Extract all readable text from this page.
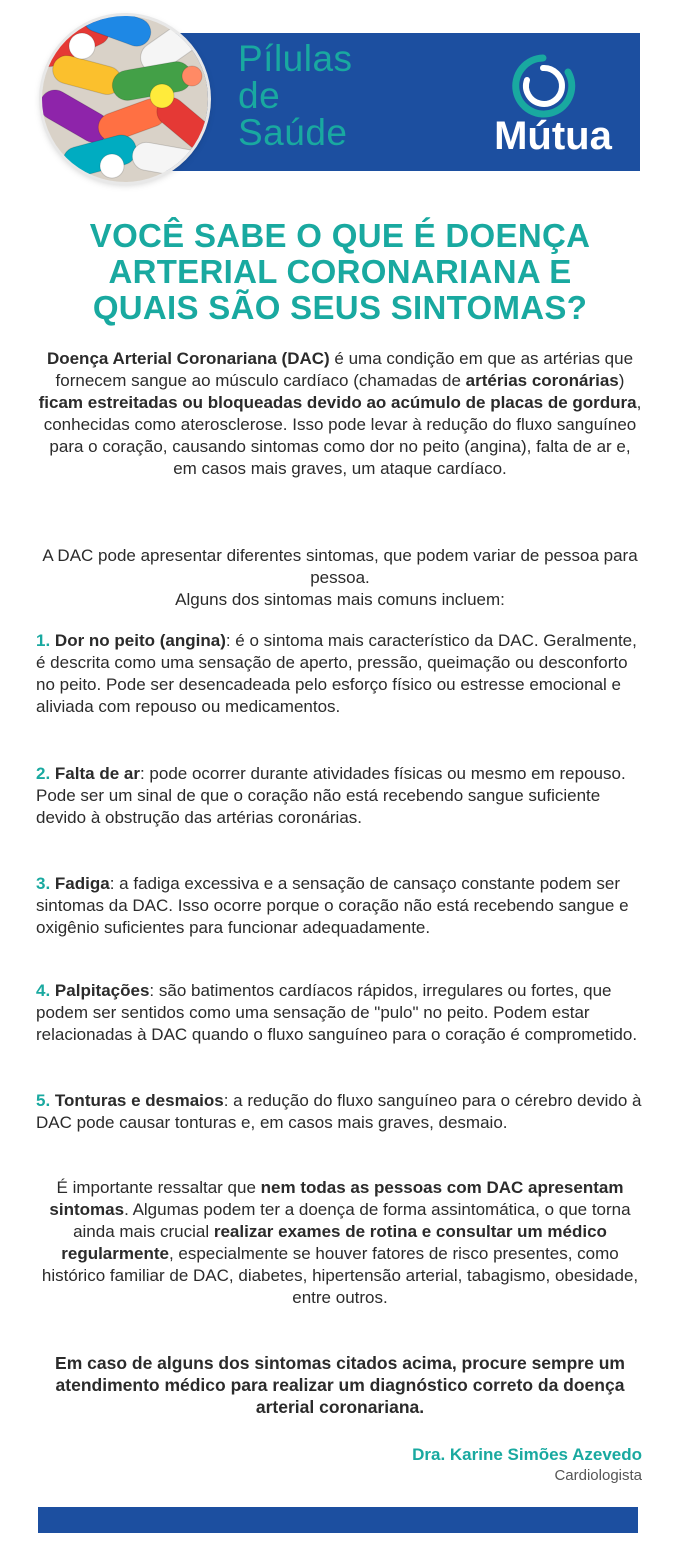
Pílulas
de
Saúde	Mútua
VOCÊ SABE O QUE É DOENÇA
ARTERIAL CORONARIANA E
QUAIS SÃO SEUS SINTOMAS?
Doença Arterial Coronariana (DAC) é uma condição em que as artérias que fornecem sangue ao músculo cardíaco (chamadas de artérias coronárias) ficam estreitadas ou bloqueadas devido ao acúmulo de placas de gordura, conhecidas como aterosclerose. Isso pode levar à redução do fluxo sanguíneo para o coração, causando sintomas como dor no peito (angina), falta de ar e, em casos mais graves, um ataque cardíaco.
A DAC pode apresentar diferentes sintomas, que podem variar de pessoa para pessoa.
Alguns dos sintomas mais comuns incluem:
1. Dor no peito (angina): é o sintoma mais característico da DAC. Geralmente, é descrita como uma sensação de aperto, pressão, queimação ou desconforto no peito. Pode ser desencadeada pelo esforço físico ou estresse emocional e aliviada com repouso ou medicamentos.
2. Falta de ar: pode ocorrer durante atividades físicas ou mesmo em repouso. Pode ser um sinal de que o coração não está recebendo sangue suficiente devido à obstrução das artérias coronárias.
3. Fadiga: a fadiga excessiva e a sensação de cansaço constante podem ser sintomas da DAC. Isso ocorre porque o coração não está recebendo sangue e oxigênio suficientes para funcionar adequadamente.
4. Palpitações: são batimentos cardíacos rápidos, irregulares ou fortes, que podem ser sentidos como uma sensação de "pulo" no peito. Podem estar relacionadas à DAC quando o fluxo sanguíneo para o coração é comprometido.
5. Tonturas e desmaios: a redução do fluxo sanguíneo para o cérebro devido à DAC pode causar tonturas e, em casos mais graves, desmaio.
É importante ressaltar que nem todas as pessoas com DAC apresentam sintomas. Algumas podem ter a doença de forma assintomática, o que torna ainda mais crucial realizar exames de rotina e consultar um médico regularmente, especialmente se houver fatores de risco presentes, como histórico familiar de DAC, diabetes, hipertensão arterial, tabagismo, obesidade, entre outros.
Em caso de alguns dos sintomas citados acima, procure sempre um atendimento médico para realizar um diagnóstico correto da doença arterial coronariana.
Dra. Karine Simões Azevedo
Cardiologista
